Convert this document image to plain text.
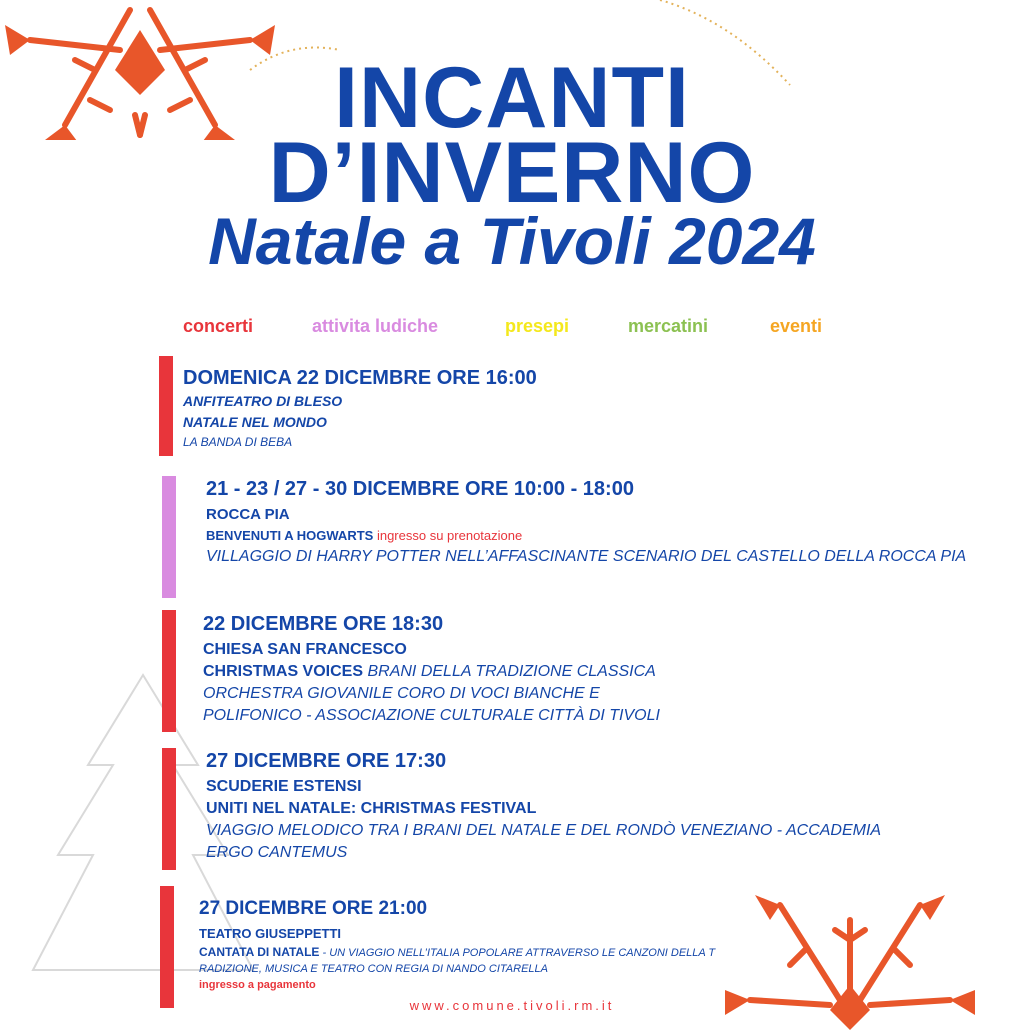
INCANTI
D’INVERNO
Natale a Tivoli 2024
concerti	attivita ludiche	presepi	mercatini	eventi
DOMENICA 22 DICEMBRE ORE 16:00
ANFITEATRO DI BLESO
NATALE NEL MONDO
LA BANDA DI BEBA
21 - 23 / 27 - 30 DICEMBRE ORE 10:00 - 18:00
ROCCA PIA
BENVENUTI A HOGWARTS ingresso su prenotazione
VILLAGGIO DI HARRY POTTER NELL’AFFASCINANTE SCENARIO DEL CASTELLO DELLA ROCCA PIA
22 DICEMBRE ORE 18:30
CHIESA SAN FRANCESCO
CHRISTMAS VOICES BRANI DELLA TRADIZIONE CLASSICA
ORCHESTRA GIOVANILE CORO DI VOCI BIANCHE E
POLIFONICO - ASSOCIAZIONE CULTURALE CITTÀ DI TIVOLI
27 DICEMBRE ORE 17:30
SCUDERIE ESTENSI
UNITI NEL NATALE: CHRISTMAS FESTIVAL
VIAGGIO MELODICO TRA I BRANI DEL NATALE E DEL RONDÒ VENEZIANO - ACCADEMIA
ERGO CANTEMUS
27 DICEMBRE ORE 21:00
TEATRO GIUSEPPETTI
CANTATA DI NATALE - UN VIAGGIO NELL’ITALIA POPOLARE ATTRAVERSO LE CANZONI DELLA T
RADIZIONE, MUSICA E TEATRO CON REGIA DI NANDO CITARELLA
ingresso a pagamento
www.comune.tivoli.rm.it
